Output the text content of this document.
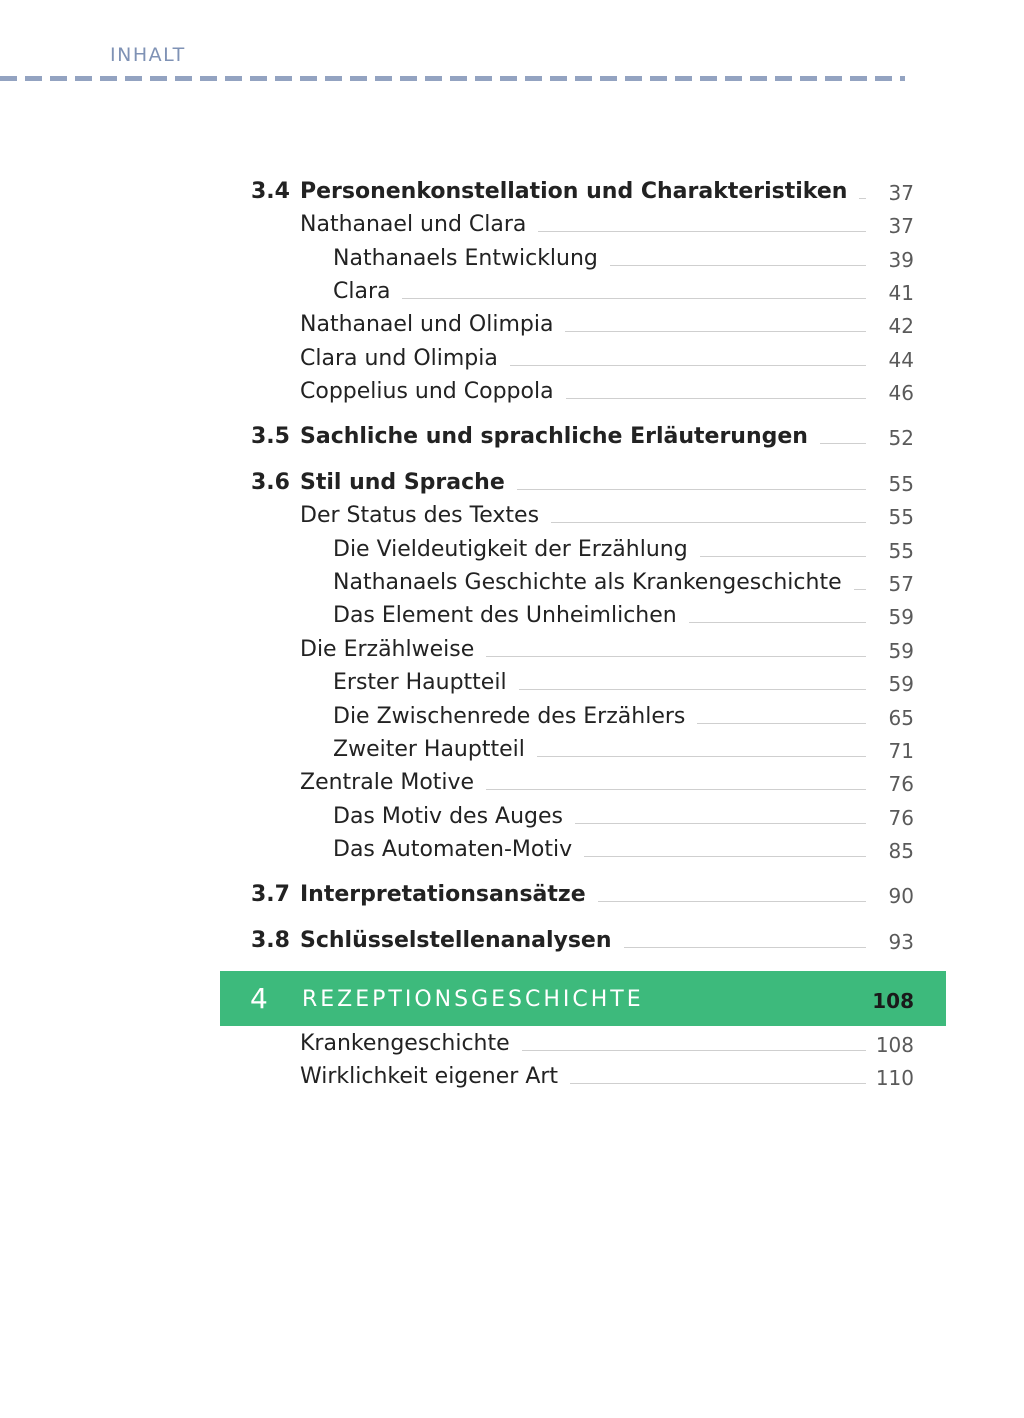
INHALT
3.4 Personenkonstellation und Charakteristiken	37
Nathanael und Clara	37
Nathanaels Entwicklung	39
Clara	41
Nathanael und Olimpia	42
Clara und Olimpia	44
Coppelius und Coppola	46
3.5 Sachliche und sprachliche Erläuterungen	52
3.6 Stil und Sprache	55
Der Status des Textes	55
Die Vieldeutigkeit der Erzählung	55
Nathanaels Geschichte als Krankengeschichte	57
Das Element des Unheimlichen	59
Die Erzählweise	59
Erster Hauptteil	59
Die Zwischenrede des Erzählers	65
Zweiter Hauptteil	71
Zentrale Motive	76
Das Motiv des Auges	76
Das Automaten-Motiv	85
3.7 Interpretationsansätze	90
3.8 Schlüsselstellenanalysen	93
4 REZEPTIONSGESCHICHTE	108
Krankengeschichte	108
Wirklichkeit eigener Art	110
